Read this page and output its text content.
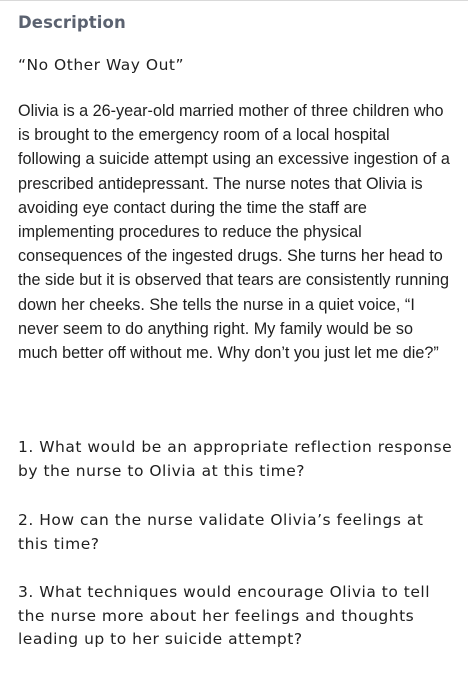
Description
“No Other Way Out”

Olivia is a 26-year-old married mother of three children who is brought to the emergency room of a local hospital following a suicide attempt using an excessive ingestion of a prescribed antidepressant. The nurse notes that Olivia is avoiding eye contact during the time the staff are implementing procedures to reduce the physical consequences of the ingested drugs. She turns her head to the side but it is observed that tears are consistently running down her cheeks. She tells the nurse in a quiet voice, “I never seem to do anything right. My family would be so much better off without me. Why don’t you just let me die?”

1. What would be an appropriate reflection response by the nurse to Olivia at this time?

2. How can the nurse validate Olivia’s feelings at this time?

3. What techniques would encourage Olivia to tell the nurse more about her feelings and thoughts leading up to her suicide attempt?
